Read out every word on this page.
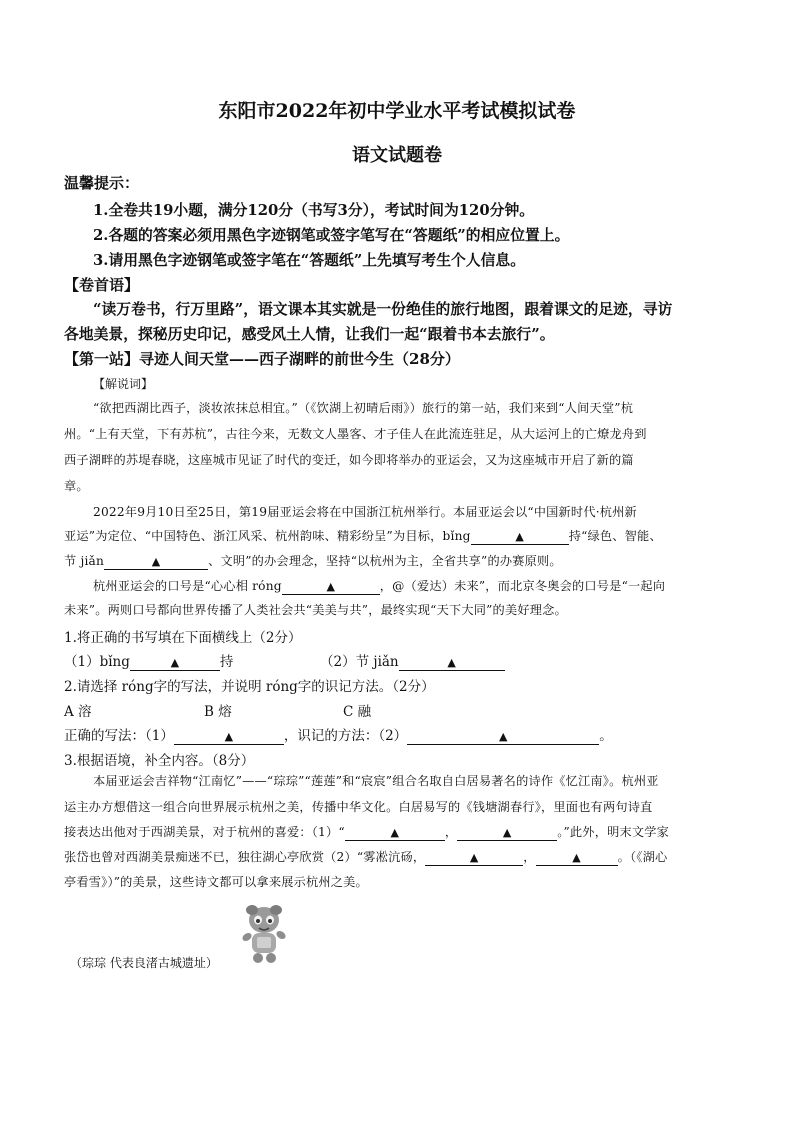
东阳市2022年初中学业水平考试模拟试卷
语文试题卷
温馨提示：
1.全卷共19小题，满分120分（书写3分），考试时间为120分钟。
2.各题的答案必须用黑色字迹钢笔或签字笔写在“答题纸”的相应位置上。
3.请用黑色字迹钢笔或签字笔在“答题纸”上先填写考生个人信息。
【卷首语】
“读万卷书，行万里路”，语文课本其实就是一份绝佳的旅行地图，跟着课文的足迹，寻访
各地美景，探秘历史印记，感受风土人情，让我们一起“跟着书本去旅行”。
【第一站】寻迹人间天堂——西子湖畔的前世今生（28分）
【解说词】
“欲把西湖比西子，淡妆浓抹总相宜。”（《饮湖上初晴后雨》）旅行的第一站，我们来到“人间天堂”杭
州。“上有天堂，下有苏杭”，古往今来，无数文人墨客、才子佳人在此流连驻足，从大运河上的亡燎龙舟到
西子湖畔的苏堤春晓，这座城市见证了时代的变迁，如今即将举办的亚运会，又为这座城市开启了新的篇
章。
2022年9月10日至25日，第19届亚运会将在中国浙江杭州举行。本届亚运会以“中国新时代·杭州新
亚运”为定位、“中国特色、浙江风采、杭州韵味、精彩纷呈”为目标，bǐng	▲	持“绿色、智能、
节 jiǎn	▲	、文明”的办会理念，坚持“以杭州为主，全省共享”的办赛原则。
杭州亚运会的口号是“心心相 róng	▲	，@（爱达）未来”，而北京冬奥会的口号是“一起向
未来”。两则口号都向世界传播了人类社会共“美美与共”，最终实现“天下大同”的美好理念。
1.将正确的书写填在下面横线上（2分）
（1）bǐng	▲	持	（2）节 jiǎn	▲
2.请选择 róng字的写法，并说明 róng字的识记方法。（2分）
A 溶	B 熔	C 融
正确的写法：（1）	▲	，识记的方法：（2）	▲	。
3.根据语境，补全内容。（8分）
本届亚运会吉祥物“江南忆”——“琮琮”“莲莲”和“宸宸”组合名取自白居易著名的诗作《忆江南》。杭州亚
运主办方想借这一组合向世界展示杭州之美，传播中华文化。白居易写的《钱塘湖春行》，里面也有两句诗直
接表达出他对于西湖美景，对于杭州的喜爱：（1）“	▲	，	▲	。”此外，明末文学家
张岱也曾对西湖美景痴迷不已，独往湖心亭欣赏（2）“雾凇沆砀，	▲	，	▲	。（《湖心
亭看雪》）”的美景，这些诗文都可以拿来展示杭州之美。
（琮琮 代表良渚古城遗址）
